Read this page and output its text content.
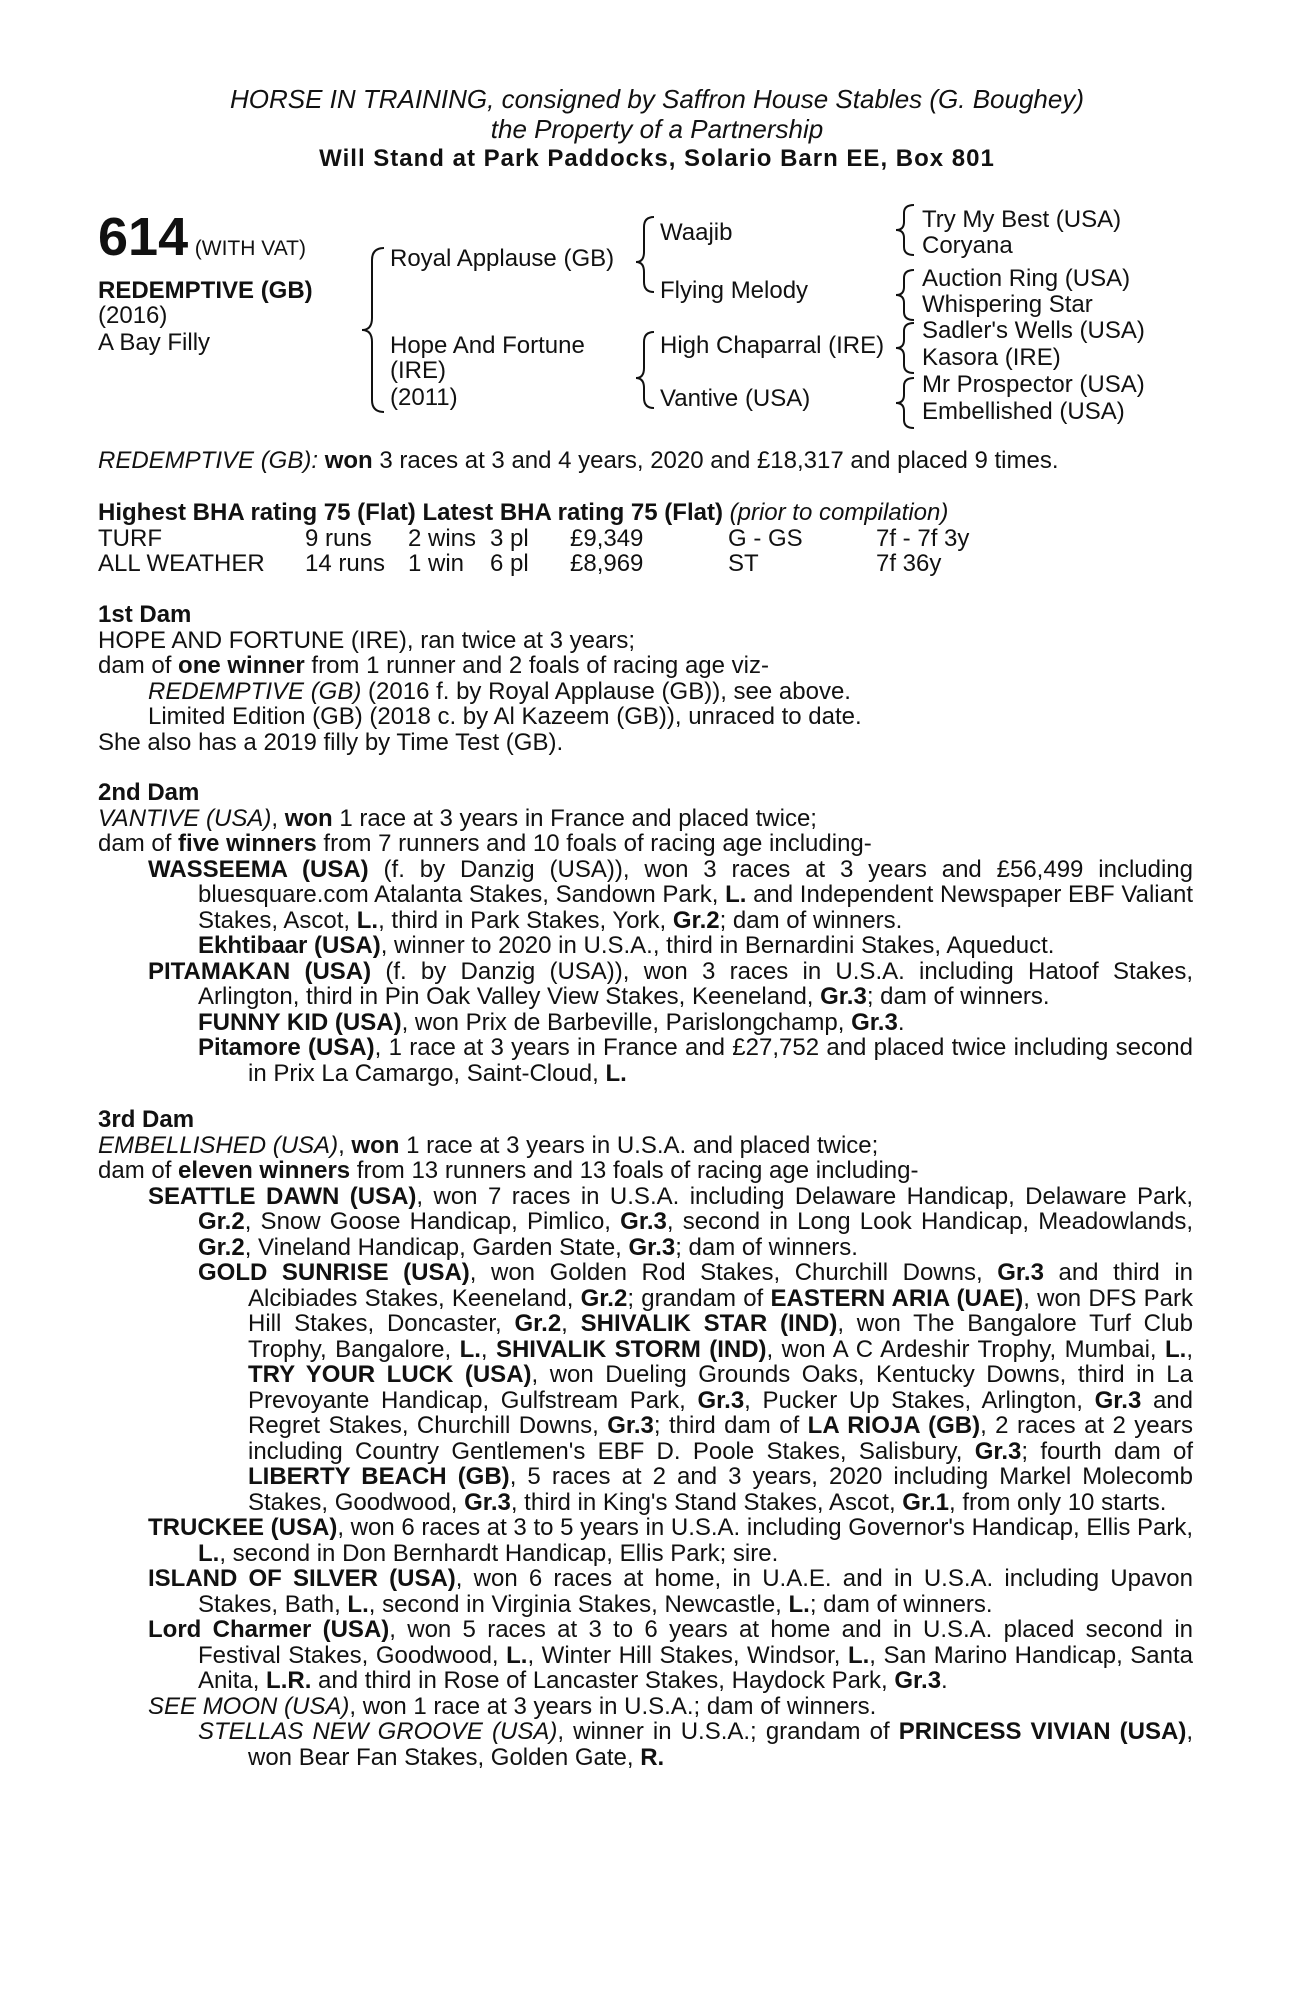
HORSE IN TRAINING, consigned by Saffron House Stables (G. Boughey)
the Property of a Partnership
Will Stand at Park Paddocks, Solario Barn EE, Box 801
614 (WITH VAT)
REDEMPTIVE (GB)
(2016)
A Bay Filly
Royal Applause (GB)
Hope And Fortune
(IRE)
(2011)
Waajib
Flying Melody
High Chaparral (IRE)
Vantive (USA)
Try My Best (USA)
Coryana
Auction Ring (USA)
Whispering Star
Sadler's Wells (USA)
Kasora (IRE)
Mr Prospector (USA)
Embellished (USA)
REDEMPTIVE (GB): won 3 races at 3 and 4 years, 2020 and £18,317 and placed 9 times.
Highest BHA rating 75 (Flat) Latest BHA rating 75 (Flat) (prior to compilation)
TURF	9 runs 2 wins 3 pl £9,349	G - GS	7f - 7f 3y
ALL WEATHER 14 runs 1 win 6 pl £8,969	ST	7f 36y
1st Dam
HOPE AND FORTUNE (IRE), ran twice at 3 years;
dam of one winner from 1 runner and 2 foals of racing age viz-
REDEMPTIVE (GB) (2016 f. by Royal Applause (GB)), see above.
Limited Edition (GB) (2018 c. by Al Kazeem (GB)), unraced to date.
She also has a 2019 filly by Time Test (GB).
2nd Dam
VANTIVE (USA), won 1 race at 3 years in France and placed twice;
dam of five winners from 7 runners and 10 foals of racing age including-
WASSEEMA (USA) (f. by Danzig (USA)), won 3 races at 3 years and £56,499 including bluesquare.com Atalanta Stakes, Sandown Park, L. and Independent Newspaper EBF Valiant Stakes, Ascot, L., third in Park Stakes, York, Gr.2; dam of winners.
Ekhtibaar (USA), winner to 2020 in U.S.A., third in Bernardini Stakes, Aqueduct.
PITAMAKAN (USA) (f. by Danzig (USA)), won 3 races in U.S.A. including Hatoof Stakes, Arlington, third in Pin Oak Valley View Stakes, Keeneland, Gr.3; dam of winners.
FUNNY KID (USA), won Prix de Barbeville, Parislongchamp, Gr.3.
Pitamore (USA), 1 race at 3 years in France and £27,752 and placed twice including second in Prix La Camargo, Saint-Cloud, L.
3rd Dam
EMBELLISHED (USA), won 1 race at 3 years in U.S.A. and placed twice;
dam of eleven winners from 13 runners and 13 foals of racing age including-
SEATTLE DAWN (USA), won 7 races in U.S.A. including Delaware Handicap, Delaware Park, Gr.2, Snow Goose Handicap, Pimlico, Gr.3, second in Long Look Handicap, Meadowlands, Gr.2, Vineland Handicap, Garden State, Gr.3; dam of winners.
GOLD SUNRISE (USA), won Golden Rod Stakes, Churchill Downs, Gr.3 and third in Alcibiades Stakes, Keeneland, Gr.2; grandam of EASTERN ARIA (UAE), won DFS Park Hill Stakes, Doncaster, Gr.2, SHIVALIK STAR (IND), won The Bangalore Turf Club Trophy, Bangalore, L., SHIVALIK STORM (IND), won A C Ardeshir Trophy, Mumbai, L., TRY YOUR LUCK (USA), won Dueling Grounds Oaks, Kentucky Downs, third in La Prevoyante Handicap, Gulfstream Park, Gr.3, Pucker Up Stakes, Arlington, Gr.3 and Regret Stakes, Churchill Downs, Gr.3; third dam of LA RIOJA (GB), 2 races at 2 years including Country Gentlemen's EBF D. Poole Stakes, Salisbury, Gr.3; fourth dam of LIBERTY BEACH (GB), 5 races at 2 and 3 years, 2020 including Markel Molecomb Stakes, Goodwood, Gr.3, third in King's Stand Stakes, Ascot, Gr.1, from only 10 starts.
TRUCKEE (USA), won 6 races at 3 to 5 years in U.S.A. including Governor's Handicap, Ellis Park, L., second in Don Bernhardt Handicap, Ellis Park; sire.
ISLAND OF SILVER (USA), won 6 races at home, in U.A.E. and in U.S.A. including Upavon Stakes, Bath, L., second in Virginia Stakes, Newcastle, L.; dam of winners.
Lord Charmer (USA), won 5 races at 3 to 6 years at home and in U.S.A. placed second in Festival Stakes, Goodwood, L., Winter Hill Stakes, Windsor, L., San Marino Handicap, Santa Anita, L.R. and third in Rose of Lancaster Stakes, Haydock Park, Gr.3.
SEE MOON (USA), won 1 race at 3 years in U.S.A.; dam of winners.
STELLAS NEW GROOVE (USA), winner in U.S.A.; grandam of PRINCESS VIVIAN (USA), won Bear Fan Stakes, Golden Gate, R.
